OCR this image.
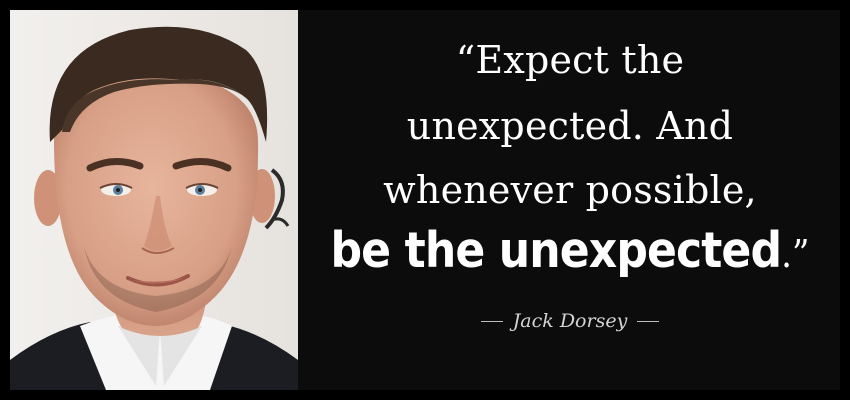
“Expect the
unexpected. And
whenever possible,
be the unexpected.”
Jack Dorsey
